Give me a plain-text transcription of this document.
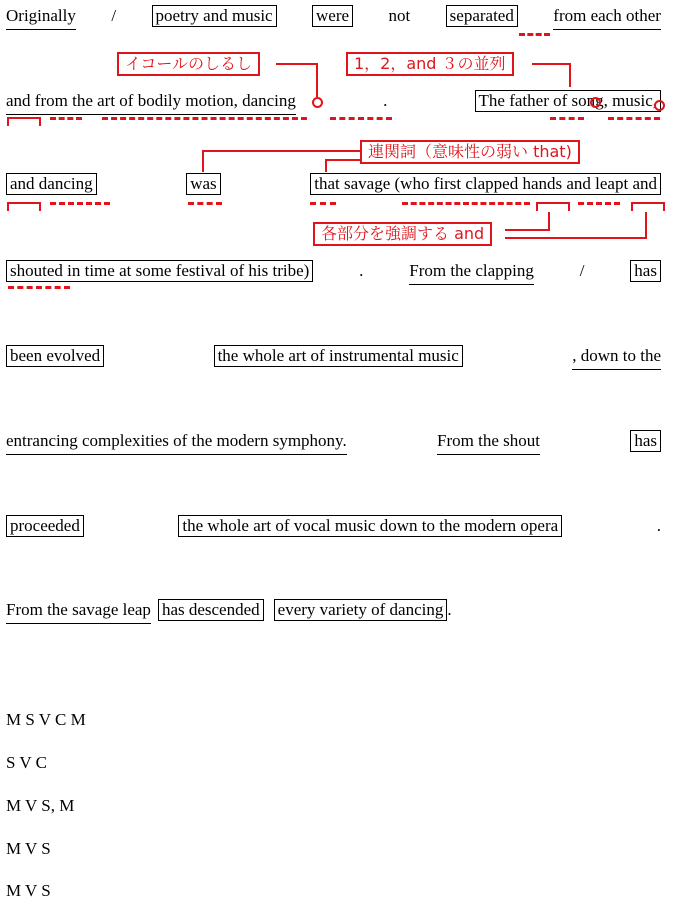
Originally / poetry and music	were not separated from each other
and from the art of bodily motion, dancing	.	The father of song, music,
and dancing	was	that savage (who first clapped hands and leapt and
shouted in time at some festival of his tribe)	.	From the clapping	/	has
been evolved	the whole art of instrumental music	, down to the
entrancing complexities of the modern symphony.	From the shout	has
proceeded	the whole art of vocal music down to the modern opera	.
From the savage leap has descended every variety of dancing .
イコールのしるし	1，2，and ３の並列
連関詞（意味性の弱い that)
各部分を強調する and
M S V C M
S V C
M V S, M
M V S
M V S
